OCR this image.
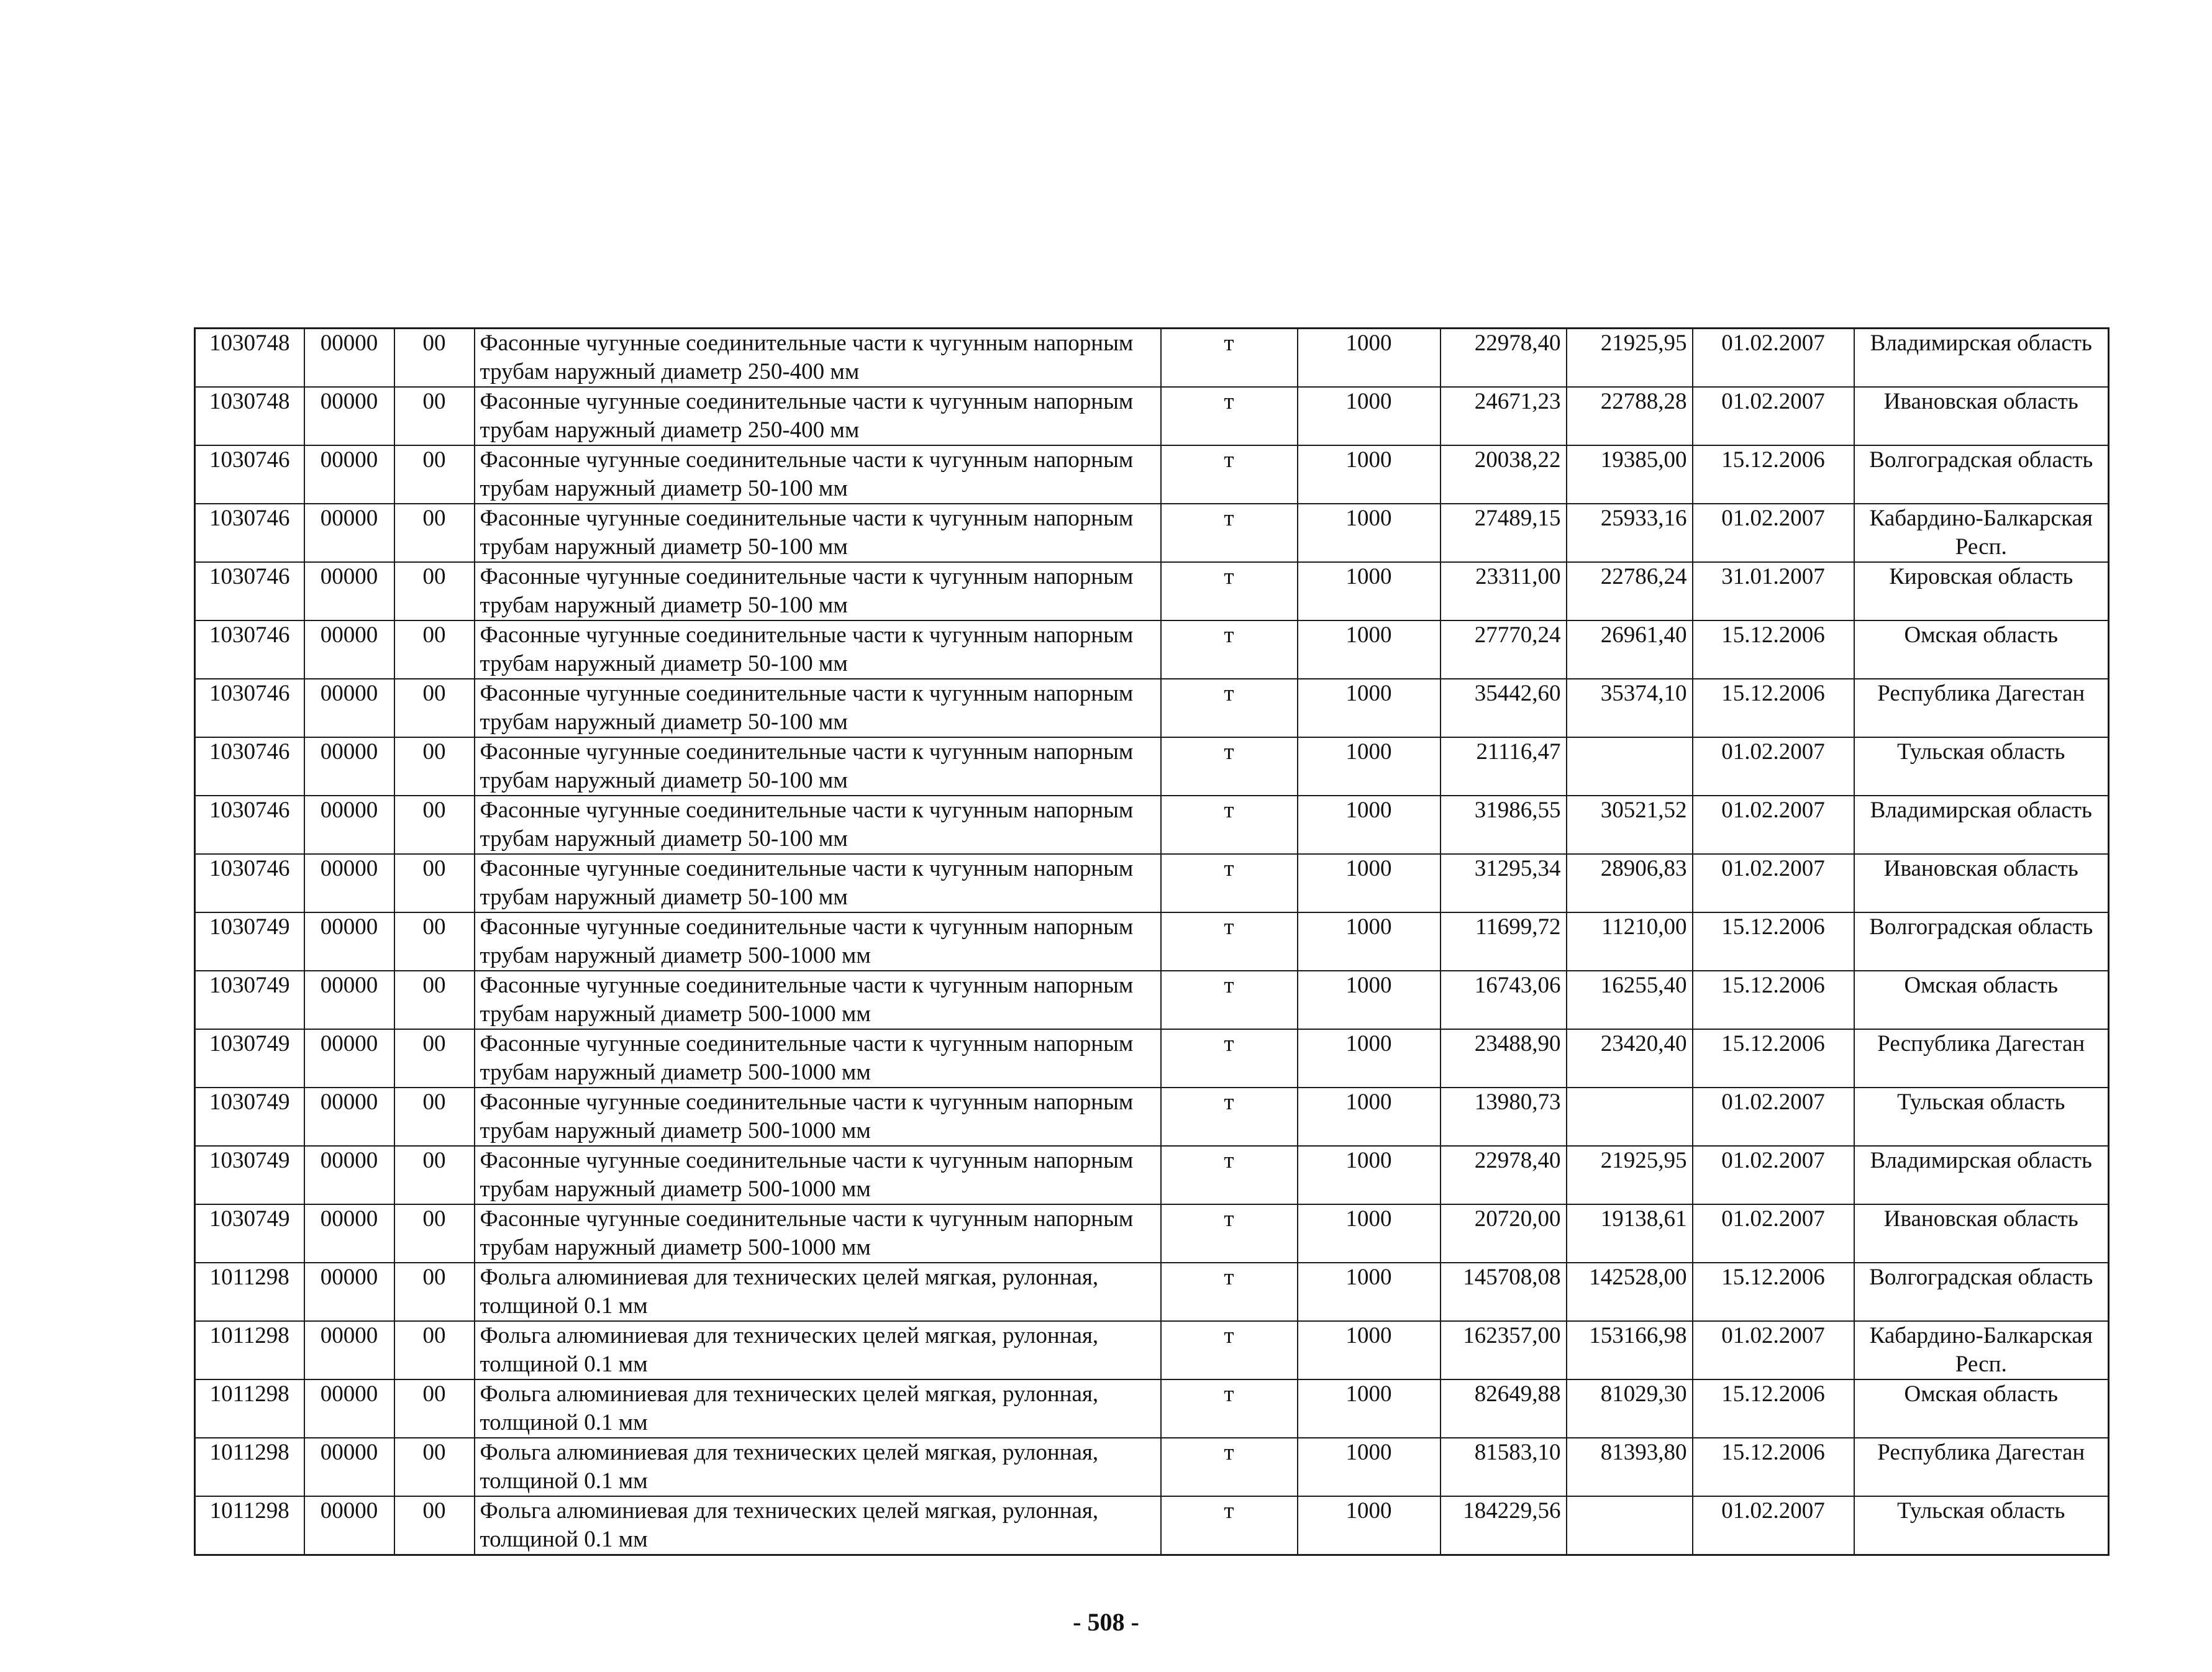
1030748	00000	00	Фасонные чугунные соединительные части к чугунным напорным трубам наружный диаметр 250-400 мм	т	1000	22978,40	21925,95	01.02.2007	Владимирская область
1030748	00000	00	Фасонные чугунные соединительные части к чугунным напорным трубам наружный диаметр 250-400 мм	т	1000	24671,23	22788,28	01.02.2007	Ивановская область
1030746	00000	00	Фасонные чугунные соединительные части к чугунным напорным трубам наружный диаметр 50-100 мм	т	1000	20038,22	19385,00	15.12.2006	Волгоградская область
1030746	00000	00	Фасонные чугунные соединительные части к чугунным напорным трубам наружный диаметр 50-100 мм	т	1000	27489,15	25933,16	01.02.2007	Кабардино-Балкарская Респ.
1030746	00000	00	Фасонные чугунные соединительные части к чугунным напорным трубам наружный диаметр 50-100 мм	т	1000	23311,00	22786,24	31.01.2007	Кировская область
1030746	00000	00	Фасонные чугунные соединительные части к чугунным напорным трубам наружный диаметр 50-100 мм	т	1000	27770,24	26961,40	15.12.2006	Омская область
1030746	00000	00	Фасонные чугунные соединительные части к чугунным напорным трубам наружный диаметр 50-100 мм	т	1000	35442,60	35374,10	15.12.2006	Республика Дагестан
1030746	00000	00	Фасонные чугунные соединительные части к чугунным напорным трубам наружный диаметр 50-100 мм	т	1000	21116,47		01.02.2007	Тульская область
1030746	00000	00	Фасонные чугунные соединительные части к чугунным напорным трубам наружный диаметр 50-100 мм	т	1000	31986,55	30521,52	01.02.2007	Владимирская область
1030746	00000	00	Фасонные чугунные соединительные части к чугунным напорным трубам наружный диаметр 50-100 мм	т	1000	31295,34	28906,83	01.02.2007	Ивановская область
1030749	00000	00	Фасонные чугунные соединительные части к чугунным напорным трубам наружный диаметр 500-1000 мм	т	1000	11699,72	11210,00	15.12.2006	Волгоградская область
1030749	00000	00	Фасонные чугунные соединительные части к чугунным напорным трубам наружный диаметр 500-1000 мм	т	1000	16743,06	16255,40	15.12.2006	Омская область
1030749	00000	00	Фасонные чугунные соединительные части к чугунным напорным трубам наружный диаметр 500-1000 мм	т	1000	23488,90	23420,40	15.12.2006	Республика Дагестан
1030749	00000	00	Фасонные чугунные соединительные части к чугунным напорным трубам наружный диаметр 500-1000 мм	т	1000	13980,73		01.02.2007	Тульская область
1030749	00000	00	Фасонные чугунные соединительные части к чугунным напорным трубам наружный диаметр 500-1000 мм	т	1000	22978,40	21925,95	01.02.2007	Владимирская область
1030749	00000	00	Фасонные чугунные соединительные части к чугунным напорным трубам наружный диаметр 500-1000 мм	т	1000	20720,00	19138,61	01.02.2007	Ивановская область
1011298	00000	00	Фольга алюминиевая для технических целей мягкая, рулонная, толщиной 0.1 мм	т	1000	145708,08	142528,00	15.12.2006	Волгоградская область
1011298	00000	00	Фольга алюминиевая для технических целей мягкая, рулонная, толщиной 0.1 мм	т	1000	162357,00	153166,98	01.02.2007	Кабардино-Балкарская Респ.
1011298	00000	00	Фольга алюминиевая для технических целей мягкая, рулонная, толщиной 0.1 мм	т	1000	82649,88	81029,30	15.12.2006	Омская область
1011298	00000	00	Фольга алюминиевая для технических целей мягкая, рулонная, толщиной 0.1 мм	т	1000	81583,10	81393,80	15.12.2006	Республика Дагестан
1011298	00000	00	Фольга алюминиевая для технических целей мягкая, рулонная, толщиной 0.1 мм	т	1000	184229,56		01.02.2007	Тульская область
- 508 -
